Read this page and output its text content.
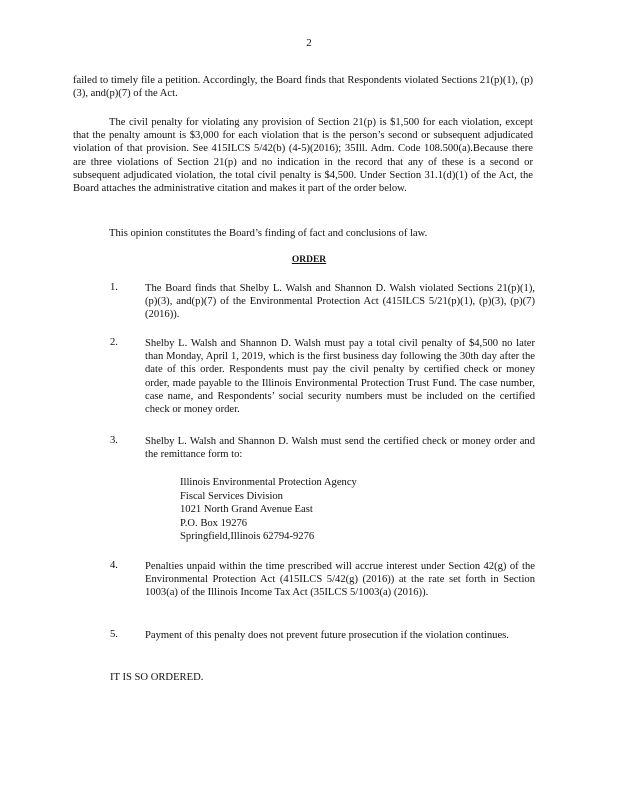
2

failed to timely file a petition. Accordingly, the Board finds that Respondents violated Sections 21(p)(1), (p)(3), and(p)(7) of the Act.

The civil penalty for violating any provision of Section 21(p) is $1,500 for each violation, except that the penalty amount is $3,000 for each violation that is the person’s second or subsequent adjudicated violation of that provision. See 415ILCS 5/42(b) (4-5)(2016); 35Ill. Adm. Code 108.500(a).Because there are three violations of Section 21(p) and no indication in the record that any of these is a second or subsequent adjudicated violation, the total civil penalty is $4,500. Under Section 31.1(d)(1) of the Act, the Board attaches the administrative citation and makes it part of the order below.

This opinion constitutes the Board’s finding of fact and conclusions of law.

ORDER
1.	The Board finds that Shelby L. Walsh and Shannon D. Walsh violated Sections 21(p)(1), (p)(3), and(p)(7) of the Environmental Protection Act (415ILCS 5/21(p)(1), (p)(3), (p)(7) (2016)).
2.	Shelby L. Walsh and Shannon D. Walsh must pay a total civil penalty of $4,500 no later than Monday, April 1, 2019, which is the first business day following the 30th day after the date of this order. Respondents must pay the civil penalty by certified check or money order, made payable to the Illinois Environmental Protection Trust Fund. The case number, case name, and Respondents’ social security numbers must be included on the certified check or money order.
3.	Shelby L. Walsh and Shannon D. Walsh must send the certified check or money order and the remittance form to:
Illinois Environmental Protection Agency
Fiscal Services Division
1021 North Grand Avenue East
P.O. Box 19276
Springfield,Illinois 62794-9276
4.	Penalties unpaid within the time prescribed will accrue interest under Section 42(g) of the Environmental Protection Act (415ILCS 5/42(g) (2016)) at the rate set forth in Section 1003(a) of the Illinois Income Tax Act (35ILCS 5/1003(a) (2016)).
5.	Payment of this penalty does not prevent future prosecution if the violation continues.
IT IS SO ORDERED.
